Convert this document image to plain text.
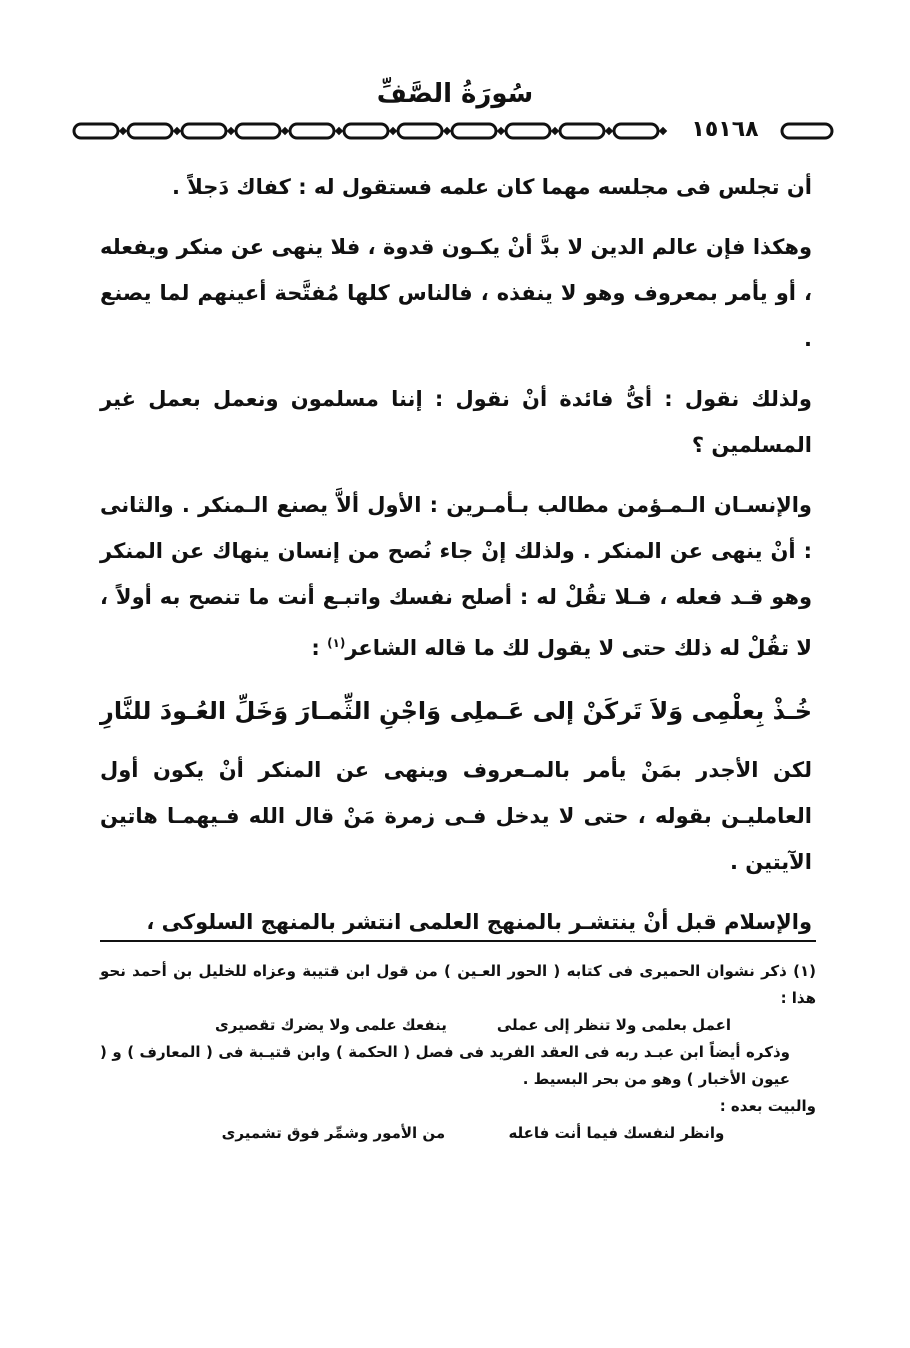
سُورَةُ الصَّفِّ
١٥١٦٨

أن تجلس فى مجلسه مهما كان علمه فستقول له : كفاك دَجلاً .

وهكذا فإن عالم الدين لا بدَّ أنْ يكـون قدوة ، فلا ينهى عن منكر ويفعله ، أو يأمر بمعروف وهو لا ينفذه ، فالناس كلها مُفتَّحة أعينهم لما يصنع .

ولذلك نقول : أىُّ فائدة أنْ نقول : إننا مسلمون ونعمل بعمل غير المسلمين ؟

والإنسـان الـمـؤمن مطالب بـأمـرين : الأول ألاَّ يصنع الـمنكر . والثانى : أنْ ينهى عن المنكر . ولذلك إنْ جاء نُصح من إنسان ينهاك عن المنكر وهو قـد فعله ، فـلا تقُلْ له : أصلح نفسك واتبـع أنت ما تنصح به أولاً ، لا تقُلْ له ذلك حتى لا يقول لك ما قاله الشاعر$^{(١)}$ :

خُـذْ بِعلْمِى وَلاَ تَركَنْ إلى عَـملِى
وَاجْنِ الثِّمـارَ وَخَلِّ العُـودَ للنَّارِ

لكن الأجدر بمَنْ يأمر بالمـعروف وينهى عن المنكر أنْ يكون أول العامليـن بقوله ، حتى لا يدخل فـى زمرة مَنْ قال الله فـيهمـا هاتين الآيتين .

والإسلام قبل أنْ ينتشـر بالمنهج العلمى انتشر بالمنهج السلوكى ،

(١) ذكر نشوان الحميرى فى كتابه ( الحور العـين ) من قول ابن قتيبة وعزاه للخليل بن أحمد نحو هذا :

اعمل بعلمى ولا تنظر إلى عملى
ينفعك علمى ولا يضرك تقصيرى

وذكره أيضاً ابن عبـد ربه فى العقد الفريد فى فصل ( الحكمة ) وابن قتيـبة فى ( المعارف ) و ( عيون الأخبار ) وهو من بحر البسيط .

والبيت بعده :

وانظر لنفسك فيما أنت فاعله
من الأمور وشمِّر فوق تشميرى
